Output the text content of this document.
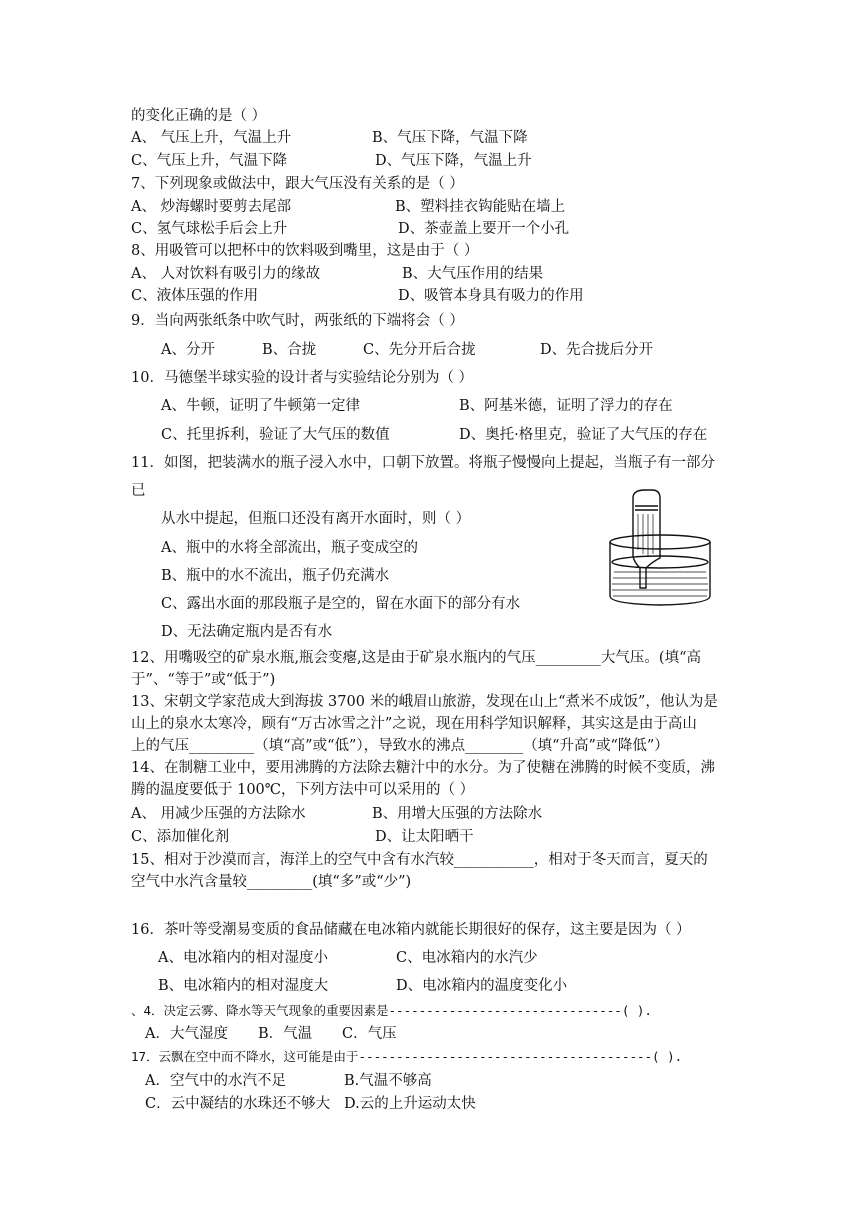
的变化正确的是（ ）
A、 气压上升，气温上升	B、气压下降，气温下降
C、气压上升，气温下降	D、气压下降，气温上升
7、下列现象或做法中，跟大气压没有关系的是（ ）
A、 炒海螺时要剪去尾部	B、塑料挂衣钩能贴在墙上
C、氢气球松手后会上升	D、茶壶盖上要开一个小孔
8、用吸管可以把杯中的饮料吸到嘴里，这是由于（ ）
A、 人对饮料有吸引力的缘故	B、大气压作用的结果
C、液体压强的作用	D、吸管本身具有吸力的作用
9．当向两张纸条中吹气时，两张纸的下端将会（ ）
A、分开	B、合拢	C、先分开后合拢	D、先合拢后分开
10．马德堡半球实验的设计者与实验结论分别为（ ）
A、牛顿，证明了牛顿第一定律	B、阿基米德，证明了浮力的存在
C、托里拆利，验证了大气压的数值	D、奥托·格里克，验证了大气压的存在
11．如图，把装满水的瓶子浸入水中，口朝下放置。将瓶子慢慢向上提起，当瓶子有一部分
已
从水中提起，但瓶口还没有离开水面时，则（ ）
A、瓶中的水将全部流出，瓶子变成空的
B、瓶中的水不流出，瓶子仍充满水
C、露出水面的那段瓶子是空的，留在水面下的部分有水
D、无法确定瓶内是否有水
12、用嘴吸空的矿泉水瓶,瓶会变瘪,这是由于矿泉水瓶内的气压_________大气压。(填“高
于”、“等于”或“低于”)
13、宋朝文学家范成大到海拔 3700 米的峨眉山旅游，发现在山上“煮米不成饭”，他认为是
山上的泉水太寒冷，顾有“万古冰雪之汁”之说，现在用科学知识解释，其实这是由于高山
上的气压_________（填“高”或“低”），导致水的沸点________（填“升高”或“降低”）
14、在制糖工业中，要用沸腾的方法除去糖汁中的水分。为了使糖在沸腾的时候不变质，沸
腾的温度要低于 100℃，下列方法中可以采用的（ ）
A、 用减少压强的方法除水	B、用增大压强的方法除水
C、添加催化剂	D、让太阳晒干
15、相对于沙漠而言，海洋上的空气中含有水汽较___________，相对于冬天而言，夏天的
空气中水汽含量较_________(填“多”或“少”)
16．茶叶等受潮易变质的食品储藏在电冰箱内就能长期很好的保存，这主要是因为（ ）
A、电冰箱内的相对湿度小	C、电冰箱内的水汽少
B、电冰箱内的相对湿度大	D、电冰箱内的温度变化小
、4．决定云雾、降水等天气现象的重要因素是-------------------------------( ).
A．大气湿度 B．气温 C．气压
17．云飘在空中而不降水，这可能是由于---------------------------------------( ).
A．空气中的水汽不足	B.气温不够高
C．云中凝结的水珠还不够大 D.云的上升运动太快
